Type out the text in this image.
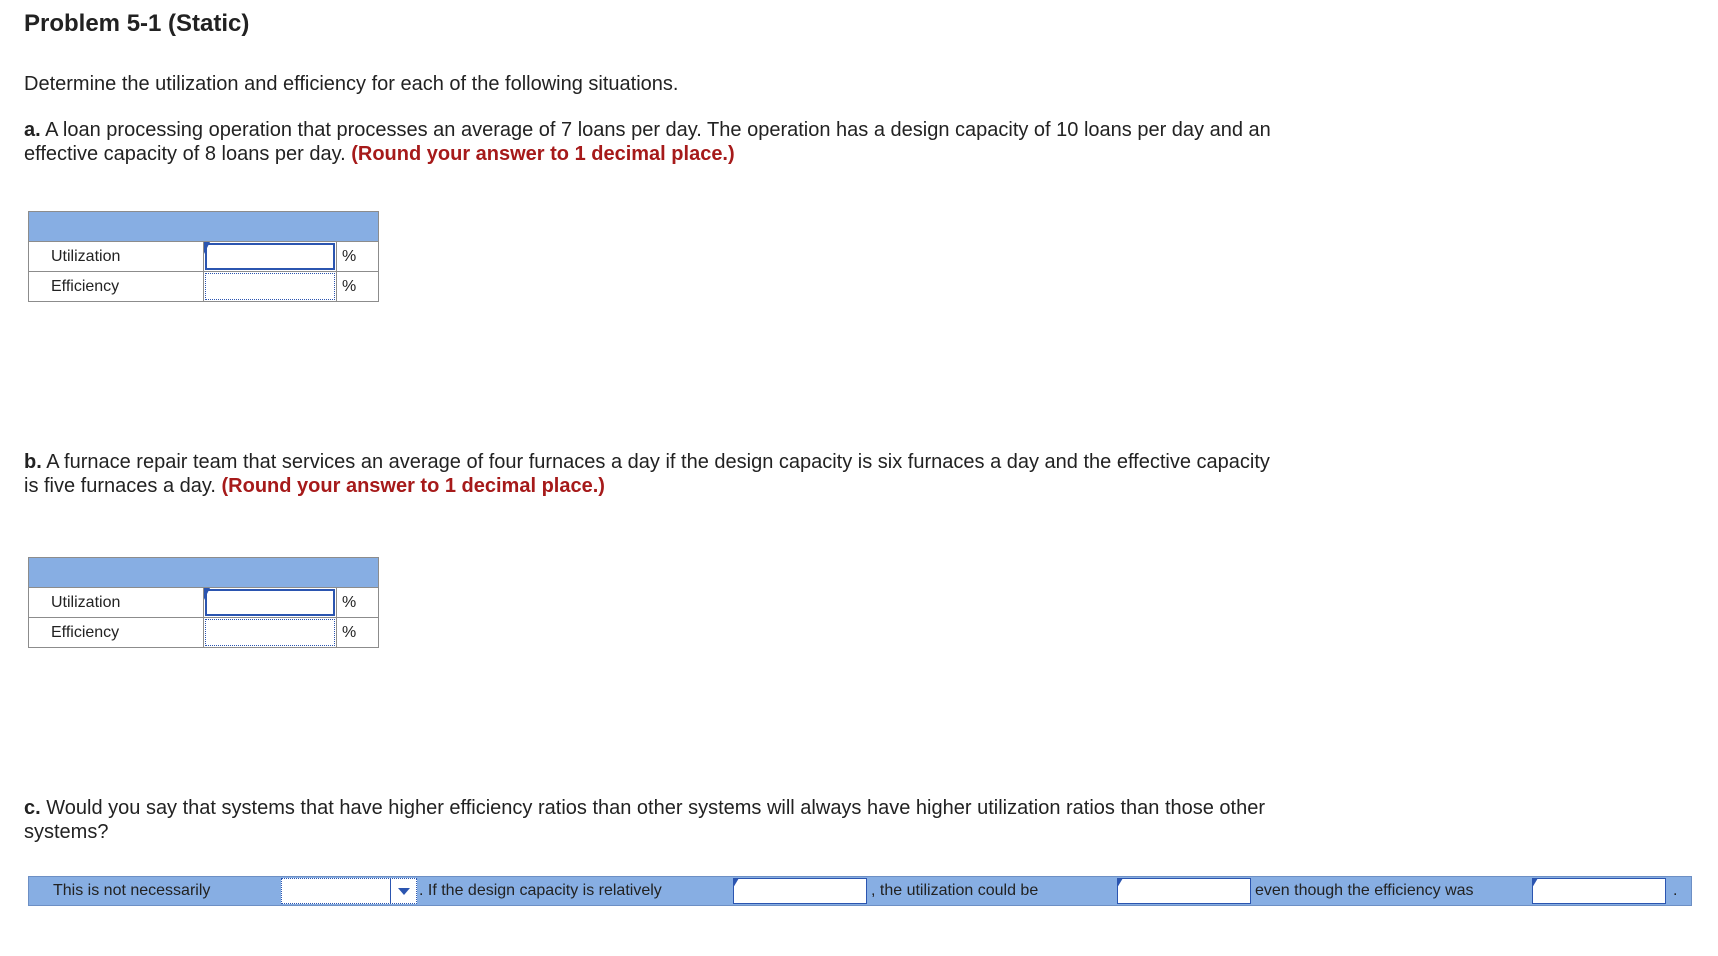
Problem 5-1 (Static)
Determine the utilization and efficiency for each of the following situations.
a. A loan processing operation that processes an average of 7 loans per day. The operation has a design capacity of 10 loans per day and an effective capacity of 8 loans per day. (Round your answer to 1 decimal place.)

Utilization		%
Efficiency		%
b. A furnace repair team that services an average of four furnaces a day if the design capacity is six furnaces a day and the effective capacity is five furnaces a day. (Round your answer to 1 decimal place.)

Utilization		%
Efficiency		%
c. Would you say that systems that have higher efficiency ratios than other systems will always have higher utilization ratios than those other systems?
This is not necessarily	. If the design capacity is relatively	, the utilization could be	even though the efficiency was	.
